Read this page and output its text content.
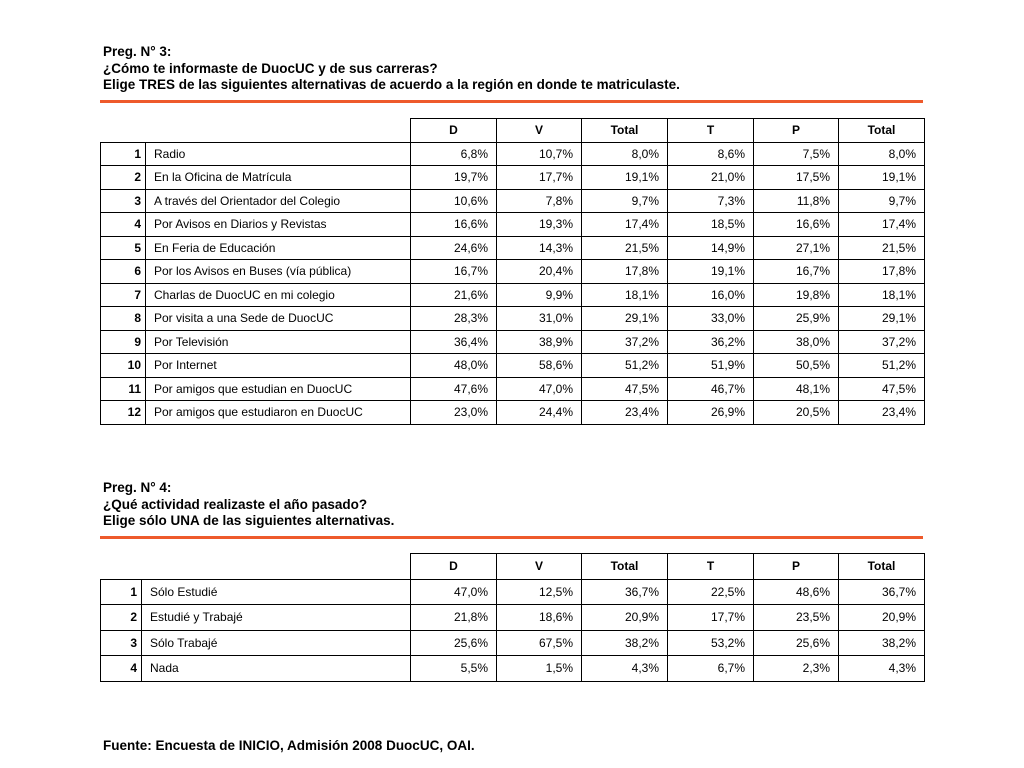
Preg. N° 3:
¿Cómo te informaste de DuocUC y de sus carreras?
Elige TRES de las siguientes alternativas de acuerdo a la región en donde te matriculaste.
		D	V	Total	T	P	Total
1	Radio	6,8%	10,7%	8,0%	8,6%	7,5%	8,0%
2	En la Oficina de Matrícula	19,7%	17,7%	19,1%	21,0%	17,5%	19,1%
3	A través del Orientador del Colegio	10,6%	7,8%	9,7%	7,3%	11,8%	9,7%
4	Por Avisos en Diarios y Revistas	16,6%	19,3%	17,4%	18,5%	16,6%	17,4%
5	En Feria de Educación	24,6%	14,3%	21,5%	14,9%	27,1%	21,5%
6	Por los Avisos en Buses (vía pública)	16,7%	20,4%	17,8%	19,1%	16,7%	17,8%
7	Charlas de DuocUC en mi colegio	21,6%	9,9%	18,1%	16,0%	19,8%	18,1%
8	Por visita a una Sede de DuocUC	28,3%	31,0%	29,1%	33,0%	25,9%	29,1%
9	Por Televisión	36,4%	38,9%	37,2%	36,2%	38,0%	37,2%
10	Por Internet	48,0%	58,6%	51,2%	51,9%	50,5%	51,2%
11	Por amigos que estudian en DuocUC	47,6%	47,0%	47,5%	46,7%	48,1%	47,5%
12	Por amigos que estudiaron en DuocUC	23,0%	24,4%	23,4%	26,9%	20,5%	23,4%
Preg. N° 4:
¿Qué actividad realizaste el año pasado?
Elige sólo UNA de las siguientes alternativas.
		D	V	Total	T	P	Total
1	Sólo Estudié	47,0%	12,5%	36,7%	22,5%	48,6%	36,7%
2	Estudié y Trabajé	21,8%	18,6%	20,9%	17,7%	23,5%	20,9%
3	Sólo Trabajé	25,6%	67,5%	38,2%	53,2%	25,6%	38,2%
4	Nada	5,5%	1,5%	4,3%	6,7%	2,3%	4,3%
Fuente: Encuesta de INICIO, Admisión 2008 DuocUC, OAI.
